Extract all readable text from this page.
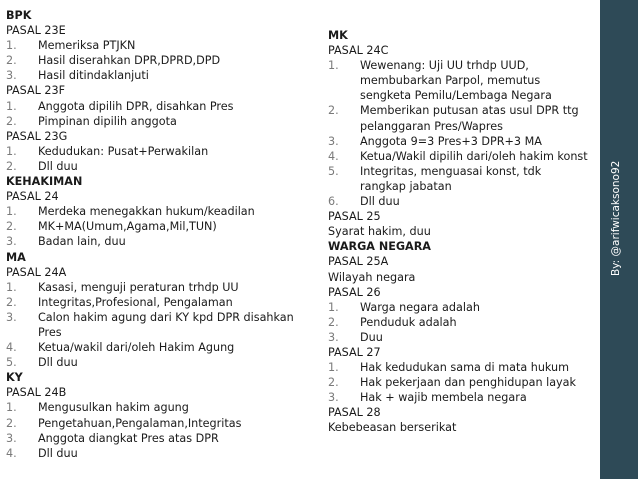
BPK
PASAL 23E
1.	Memeriksa PTJKN
2.	Hasil diserahkan DPR,DPRD,DPD
3.	Hasil ditindaklanjuti
PASAL 23F
1.	Anggota dipilih DPR, disahkan Pres
2.	Pimpinan dipilih anggota
PASAL 23G
1.	Kedudukan: Pusat+Perwakilan
2.	Dll duu
KEHAKIMAN
PASAL 24
1.	Merdeka menegakkan hukum/keadilan
2.	MK+MA(Umum,Agama,Mil,TUN)
3.	Badan lain, duu
MA
PASAL 24A
1.	Kasasi, menguji peraturan trhdp UU
2.	Integritas,Profesional, Pengalaman
3.	Calon hakim agung dari KY kpd DPR disahkan Pres
4.	Ketua/wakil dari/oleh Hakim Agung
5.	Dll duu
KY
PASAL 24B
1.	Mengusulkan hakim agung
2.	Pengetahuan,Pengalaman,Integritas
3.	Anggota diangkat Pres atas DPR
4.	Dll duu
MK
PASAL 24C
1.	Wewenang: Uji UU trhdp UUD, membubarkan Parpol, memutus sengketa Pemilu/Lembaga Negara
2.	Memberikan putusan atas usul DPR ttg pelanggaran Pres/Wapres
3.	Anggota 9=3 Pres+3 DPR+3 MA
4.	Ketua/Wakil dipilih dari/oleh hakim konst
5.	Integritas, menguasai konst, tdk rangkap jabatan
6.	Dll duu
PASAL 25
Syarat hakim, duu
WARGA NEGARA
PASAL 25A
Wilayah negara
PASAL 26
1.	Warga negara adalah
2.	Penduduk adalah
3.	Duu
PASAL 27
1.	Hak kedudukan sama di mata hukum
2.	Hak pekerjaan dan penghidupan layak
3.	Hak + wajib membela negara
PASAL 28
Kebebeasan berserikat
By: @arifwicaksono92
